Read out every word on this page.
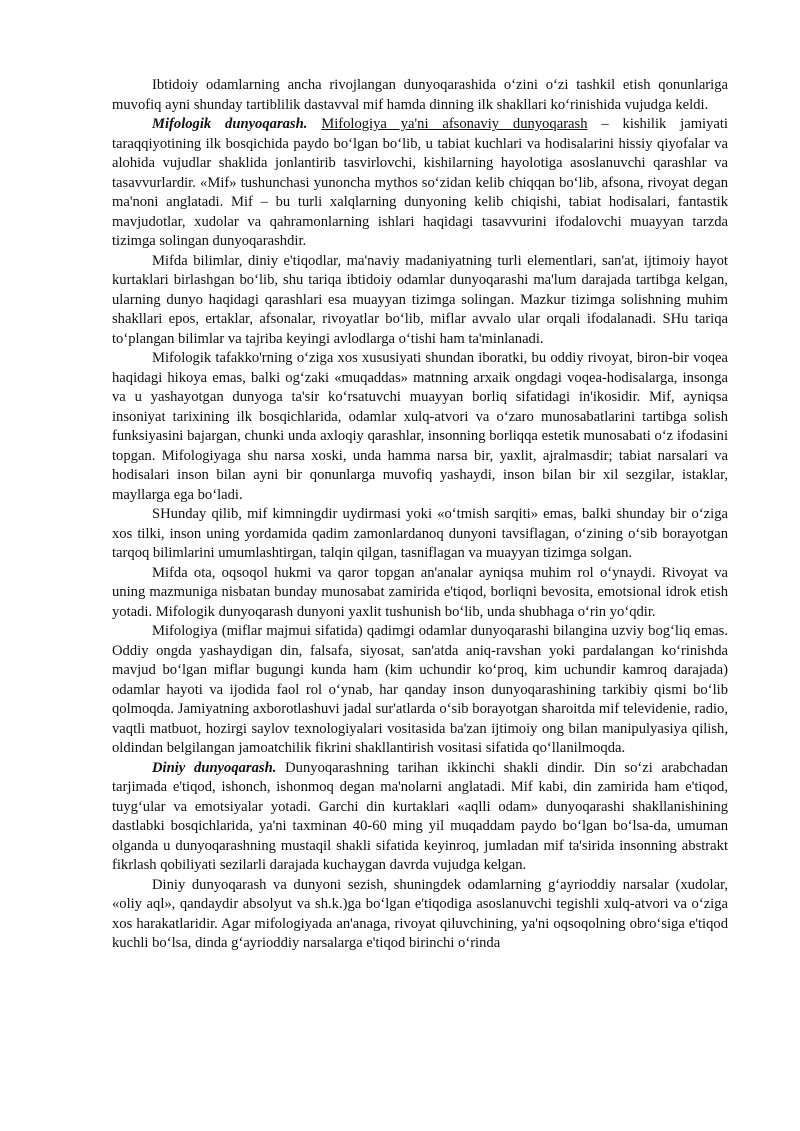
Ibtidoiy odamlarning ancha rivojlangan dunyoqarashida o‘zini o‘zi tashkil etish qonunlariga muvofiq ayni shunday tartiblilik dastavval mif hamda dinning ilk shakllari ko‘rinishida vujudga keldi.

Mifologik dunyoqarash. Mifologiya ya'ni afsonaviy dunyoqarash – kishilik jamiyati taraqqiyotining ilk bosqichida paydo bo‘lgan bo‘lib, u tabiat kuchlari va hodisalarini hissiy qiyofalar va alohida vujudlar shaklida jonlantirib tasvirlovchi, kishilarning hayolotiga asoslanuvchi qarashlar va tasavvurlardir. «Mif» tushunchasi yunoncha mythos so‘zidan kelib chiqqan bo‘lib, afsona, rivoyat degan ma'noni anglatadi. Mif – bu turli xalqlarning dunyoning kelib chiqishi, tabiat hodisalari, fantastik mavjudotlar, xudolar va qahramonlarning ishlari haqidagi tasavvurini ifodalovchi muayyan tarzda tizimga solingan dunyoqarashdir.

Mifda bilimlar, diniy e'tiqodlar, ma'naviy madaniyatning turli elementlari, san'at, ijtimoiy hayot kurtaklari birlashgan bo‘lib, shu tariqa ibtidoiy odamlar dunyoqarashi ma'lum darajada tartibga kelgan, ularning dunyo haqidagi qarashlari esa muayyan tizimga solingan. Mazkur tizimga solishning muhim shakllari epos, ertaklar, afsonalar, rivoyatlar bo‘lib, miflar avvalo ular orqali ifodalanadi. SHu tariqa to‘plangan bilimlar va tajriba keyingi avlodlarga o‘tishi ham ta'minlanadi.

Mifologik tafakko'rning o‘ziga xos xususiyati shundan iboratki, bu oddiy rivoyat, biron-bir voqea haqidagi hikoya emas, balki og‘zaki «muqaddas» matnning arxaik ongdagi voqea-hodisalarga, insonga va u yashayotgan dunyoga ta'sir ko‘rsatuvchi muayyan borliq sifatidagi in'ikosidir. Mif, ayniqsa insoniyat tarixining ilk bosqichlarida, odamlar xulq-atvori va o‘zaro munosabatlarini tartibga solish funksiyasini bajargan, chunki unda axloqiy qarashlar, insonning borliqqa estetik munosabati o‘z ifodasini topgan. Mifologiyaga shu narsa xoski, unda hamma narsa bir, yaxlit, ajralmasdir; tabiat narsalari va hodisalari inson bilan ayni bir qonunlarga muvofiq yashaydi, inson bilan bir xil sezgilar, istaklar, mayllarga ega bo‘ladi.

SHunday qilib, mif kimningdir uydirmasi yoki «o‘tmish sarqiti» emas, balki shunday bir o‘ziga xos tilki, inson uning yordamida qadim zamonlardanoq dunyoni tavsiflagan, o‘zining o‘sib borayotgan tarqoq bilimlarini umumlashtirgan, talqin qilgan, tasniflagan va muayyan tizimga solgan.

Mifda ota, oqsoqol hukmi va qaror topgan an'analar ayniqsa muhim rol o‘ynaydi. Rivoyat va uning mazmuniga nisbatan bunday munosabat zamirida e'tiqod, borliqni bevosita, emotsional idrok etish yotadi. Mifologik dunyoqarash dunyoni yaxlit tushunish bo‘lib, unda shubhaga o‘rin yo‘qdir.

Mifologiya (miflar majmui sifatida) qadimgi odamlar dunyoqarashi bilangina uzviy bog‘liq emas. Oddiy ongda yashaydigan din, falsafa, siyosat, san'atda aniq-ravshan yoki pardalangan ko‘rinishda mavjud bo‘lgan miflar bugungi kunda ham (kim uchundir ko‘proq, kim uchundir kamroq darajada) odamlar hayoti va ijodida faol rol o‘ynab, har qanday inson dunyoqarashining tarkibiy qismi bo‘lib qolmoqda. Jamiyatning axborotlashuvi jadal sur'atlarda o‘sib borayotgan sharoitda mif televidenie, radio, vaqtli matbuot, hozirgi saylov texnologiyalari vositasida ba'zan ijtimoiy ong bilan manipulyasiya qilish, oldindan belgilangan jamoatchilik fikrini shakllantirish vositasi sifatida qo‘llanilmoqda.

Diniy dunyoqarash. Dunyoqarashning tarihan ikkinchi shakli dindir. Din so‘zi arabchadan tarjimada e'tiqod, ishonch, ishonmoq degan ma'nolarni anglatadi. Mif kabi, din zamirida ham e'tiqod, tuyg‘ular va emotsiyalar yotadi. Garchi din kurtaklari «aqlli odam» dunyoqarashi shakllanishining dastlabki bosqichlarida, ya'ni taxminan 40-60 ming yil muqaddam paydo bo‘lgan bo‘lsa-da, umuman olganda u dunyoqarashning mustaqil shakli sifatida keyinroq, jumladan mif ta'sirida insonning abstrakt fikrlash qobiliyati sezilarli darajada kuchaygan davrda vujudga kelgan.

Diniy dunyoqarash va dunyoni sezish, shuningdek odamlarning g‘ayrioddiy narsalar (xudolar, «oliy aql», qandaydir absolyut va sh.k.)ga bo‘lgan e'tiqodiga asoslanuvchi tegishli xulq-atvori va o‘ziga xos harakatlaridir. Agar mifologiyada an'anaga, rivoyat qiluvchining, ya'ni oqsoqolning obro‘siga e'tiqod kuchli bo‘lsa, dinda g‘ayrioddiy narsalarga e'tiqod birinchi o‘rinda
